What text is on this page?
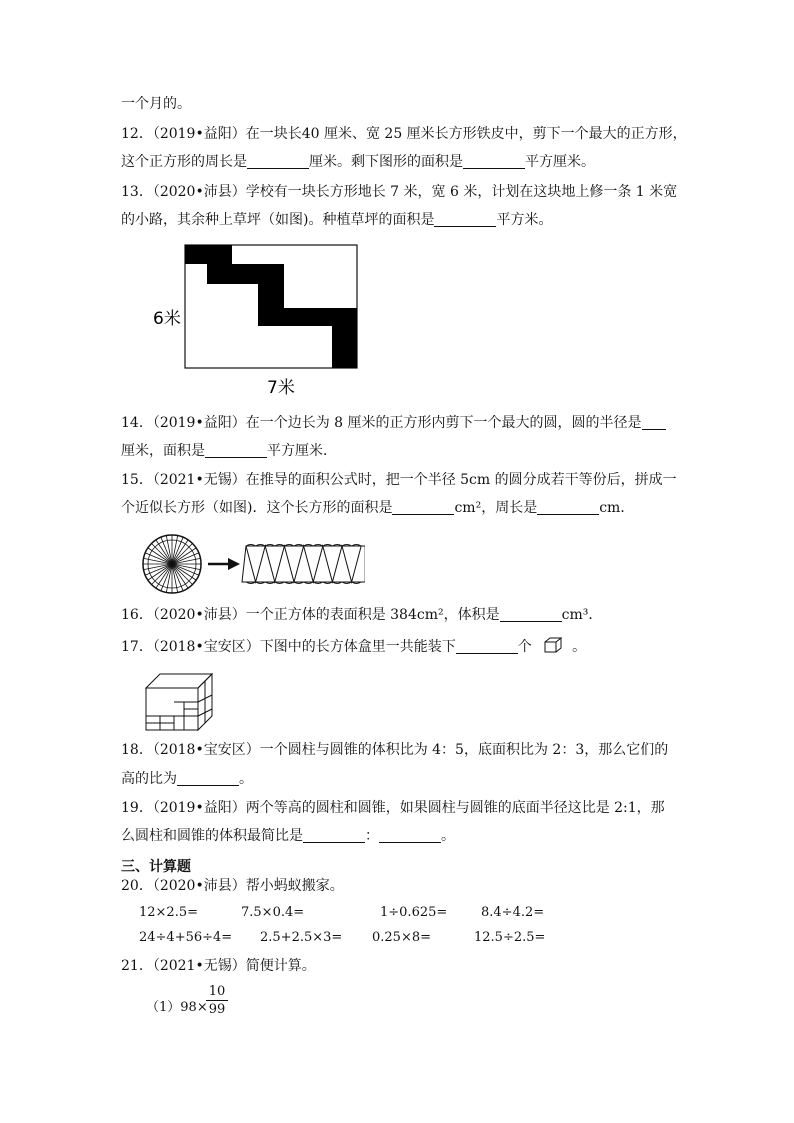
一个月的。
12．（2019•益阳）在一块长40 厘米、宽 25 厘米长方形铁皮中，剪下一个最大的正方形，
这个正方形的周长是	厘米。剩下图形的面积是	平方厘米。
13．（2020•沛县）学校有一块长方形地长 7 米，宽 6 米，计划在这块地上修一条 1 米宽
的小路，其余种上草坪（如图)。种植草坪的面积是	平方米。
6米
7米
14．（2019•益阳）在一个边长为 8 厘米的正方形内剪下一个最大的圆，圆的半径是
厘米，面积是	平方厘米．
15．（2021•无锡）在推导的面积公式时，把一个半径 5cm 的圆分成若干等份后，拼成一
个近似长方形（如图)．这个长方形的面积是	cm²，周长是	cm．
16．（2020•沛县）一个正方体的表面积是 384cm²，体积是	cm³．
17．（2018•宝安区）下图中的长方体盒里一共能装下	个	。
18．（2018•宝安区）一个圆柱与圆锥的体积比为 4：5，底面积比为 2：3，那么它们的
高的比为	。
19．（2019•益阳）两个等高的圆柱和圆锥，如果圆柱与圆锥的底面半径这比是 2:1，那
么圆柱和圆锥的体积最简比是	：	。
三、计算题
20．（2020•沛县）帮小蚂蚁搬家。
12×2.5=	7.5×0.4=	1÷0.625=	8.4÷4.2=
24÷4+56÷4= 2.5+2.5×3= 0.25×8=	12.5÷2.5=
21．（2021•无锡）简便计算。
（1）98×
10
99
